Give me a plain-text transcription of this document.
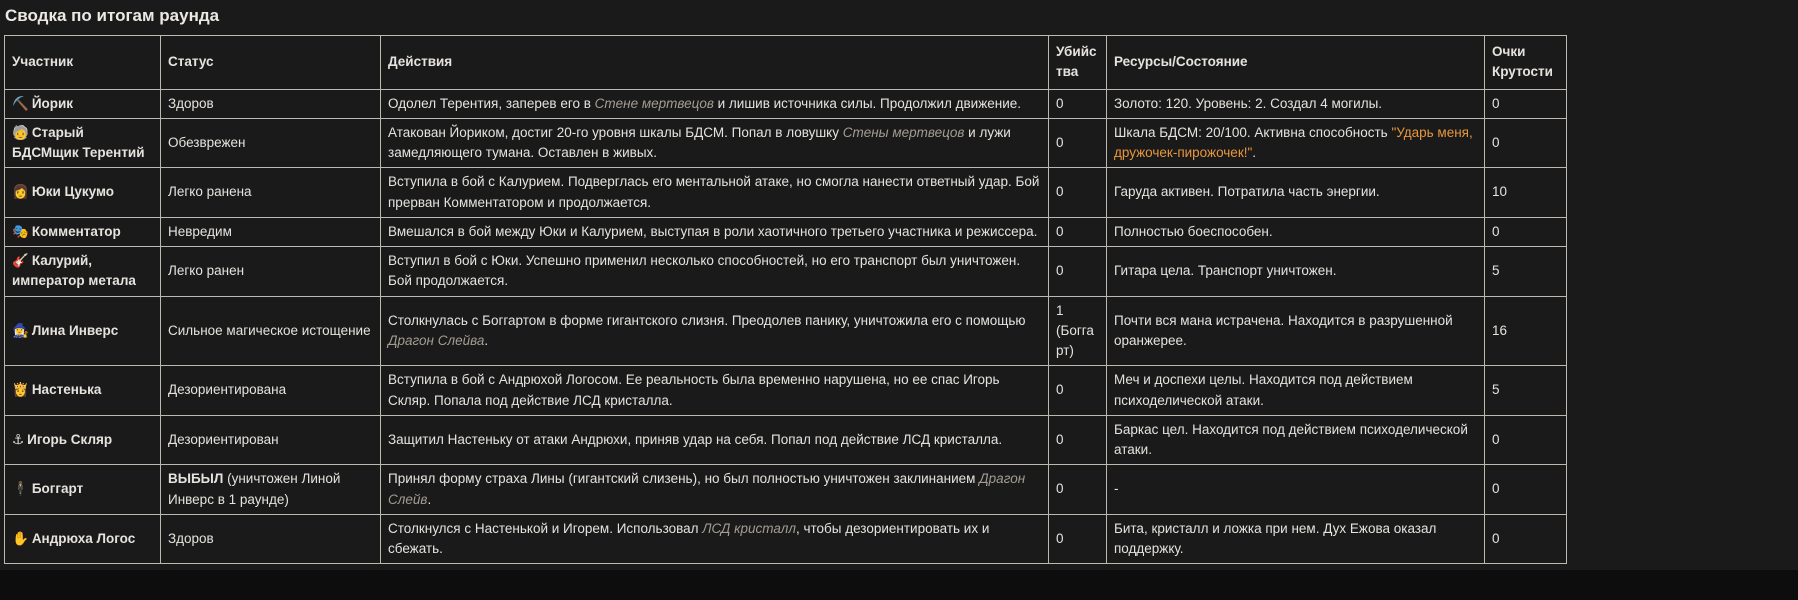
Сводка по итогам раунда
Участник	Статус	Действия	Убийства	Ресурсы/Состояние	Очки Крутости
⛏️ Йорик	Здоров	Одолел Терентия, заперев его в Стене мертвецов и лишив источника силы. Продолжил движение.	0	Золото: 120. Уровень: 2. Создал 4 могилы.	0
🧓 Старый БДСМщик Терентий	Обезврежен	Атакован Йориком, достиг 20-го уровня шкалы БДСМ. Попал в ловушку Стены мертвецов и лужи замедляющего тумана. Оставлен в живых.	0	Шкала БДСМ: 20/100. Активна способность "Ударь меня, дружочек-пирожочек!".	0
👩 Юки Цукумо	Легко ранена	Вступила в бой с Калурием. Подверглась его ментальной атаке, но смогла нанести ответный удар. Бой прерван Комментатором и продолжается.	0	Гаруда активен. Потратила часть энергии.	10
🎭 Комментатор	Невредим	Вмешался в бой между Юки и Калурием, выступая в роли хаотичного третьего участника и режиссера.	0	Полностью боеспособен.	0
🎸 Калурий, император метала	Легко ранен	Вступил в бой с Юки. Успешно применил несколько способностей, но его транспорт был уничтожен. Бой продолжается.	0	Гитара цела. Транспорт уничтожен.	5
🧙‍♀️ Лина Инверс	Сильное магическое истощение	Столкнулась с Боггартом в форме гигантского слизня. Преодолев панику, уничтожила его с помощью Драгон Слейва.	1 (Боггарт)	Почти вся мана истрачена. Находится в разрушенной оранжерее.	16
👸 Настенька	Дезориентирована	Вступила в бой с Андрюхой Логосом. Ее реальность была временно нарушена, но ее спас Игорь Скляр. Попала под действие ЛСД кристалла.	0	Меч и доспехи целы. Находится под действием психоделической атаки.	5
⚓ Игорь Скляр	Дезориентирован	Защитил Настеньку от атаки Андрюхи, приняв удар на себя. Попал под действие ЛСД кристалла.	0	Баркас цел. Находится под действием психоделической атаки.	0
🕴️ Боггарт	ВЫБЫЛ (уничтожен Линой Инверс в 1 раунде)	Принял форму страха Лины (гигантский слизень), но был полностью уничтожен заклинанием Драгон Слейв.	0	-	0
✋ Андрюха Логос	Здоров	Столкнулся с Настенькой и Игорем. Использовал ЛСД кристалл, чтобы дезориентировать их и сбежать.	0	Бита, кристалл и ложка при нем. Дух Ежова оказал поддержку.	0
